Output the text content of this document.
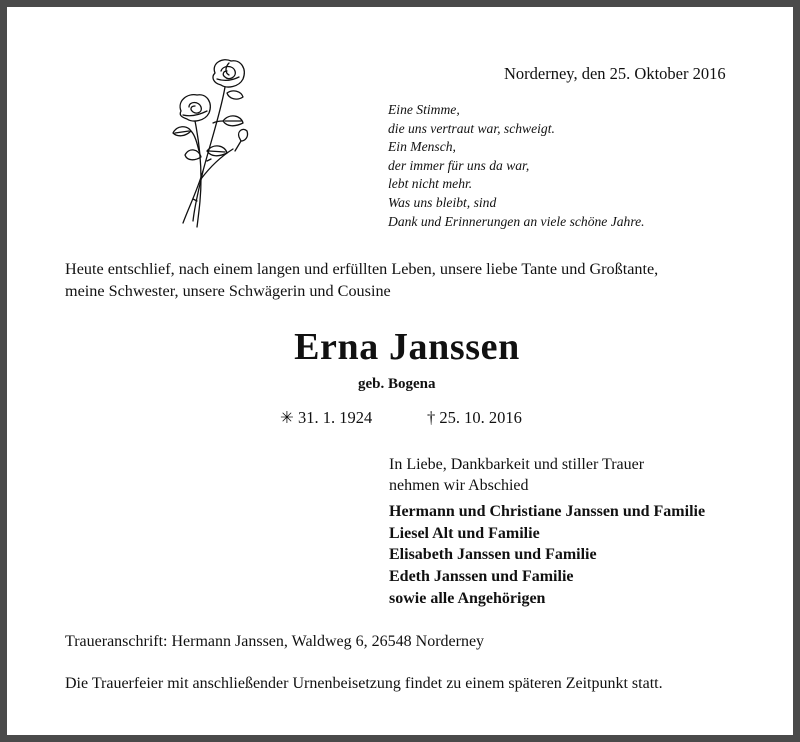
Norderney, den 25. Oktober 2016
Eine Stimme,
die uns vertraut war, schweigt.
Ein Mensch,
der immer für uns da war,
lebt nicht mehr.
Was uns bleibt, sind
Dank und Erinnerungen an viele schöne Jahre.
Heute entschlief, nach einem langen und erfüllten Leben, unsere liebe Tante und Großtante,
meine Schwester, unsere Schwägerin und Cousine
Erna Janssen
geb. Bogena
✳ 31. 1. 1924	† 25. 10. 2016
In Liebe, Dankbarkeit und stiller Trauer
nehmen wir Abschied
Hermann und Christiane Janssen und Familie
Liesel Alt und Familie
Elisabeth Janssen und Familie
Edeth Janssen und Familie
sowie alle Angehörigen
Traueranschrift: Hermann Janssen, Waldweg 6, 26548 Norderney
Die Trauerfeier mit anschließender Urnenbeisetzung findet zu einem späteren Zeitpunkt statt.
